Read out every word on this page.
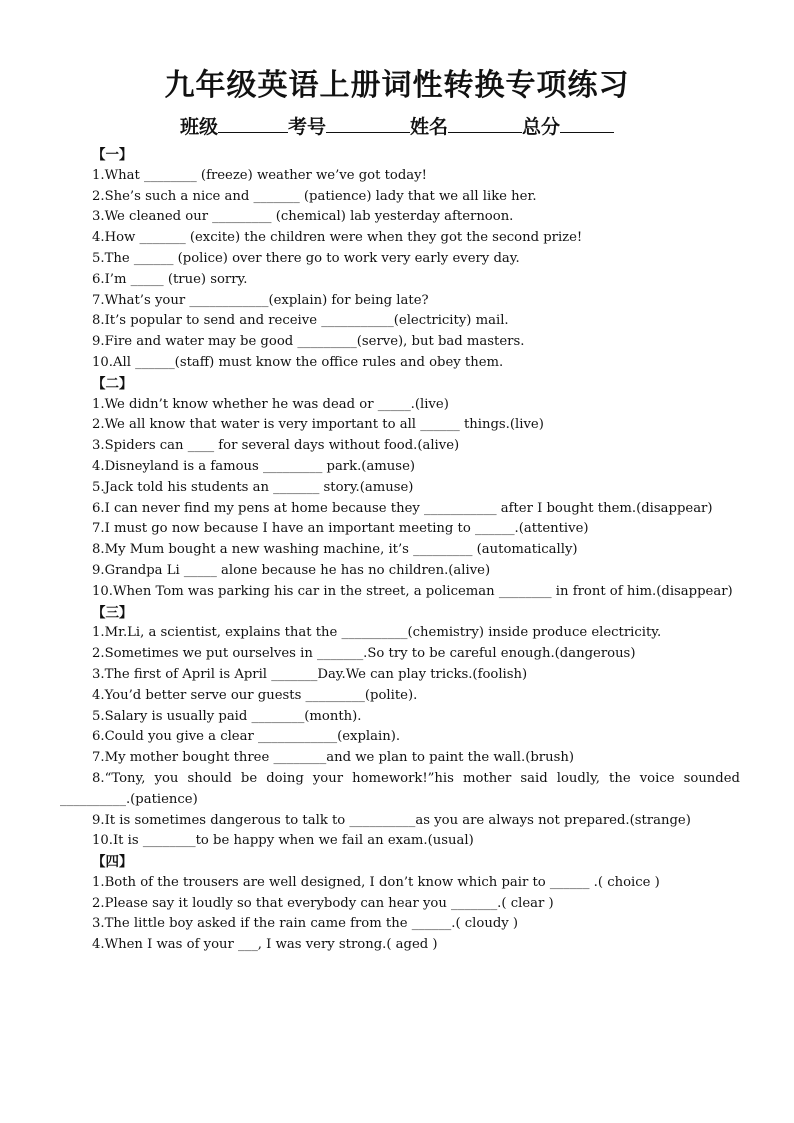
九年级英语上册词性转换专项练习
班级	考号	姓名	总分
【一】
1.What ________ (freeze) weather we’ve got today!
2.She’s such a nice and _______ (patience) lady that we all like her.
3.We cleaned our _________ (chemical) lab yesterday afternoon.
4.How _______ (excite) the children were when they got the second prize!
5.The ______ (police) over there go to work very early every day.
6.I’m _____ (true) sorry.
7.What’s your ____________(explain) for being late?
8.It’s popular to send and receive ___________(electricity) mail.
9.Fire and water may be good _________(serve), but bad masters.
10.All ______(staff) must know the office rules and obey them.
【二】
1.We didn’t know whether he was dead or _____.(live)
2.We all know that water is very important to all ______ things.(live)
3.Spiders can ____ for several days without food.(alive)
4.Disneyland is a famous _________ park.(amuse)
5.Jack told his students an _______ story.(amuse)
6.I can never find my pens at home because they ___________ after I bought them.(disappear)
7.I must go now because I have an important meeting to ______.(attentive)
8.My Mum bought a new washing machine, it’s _________ (automatically)
9.Grandpa Li _____ alone because he has no children.(alive)
10.When Tom was parking his car in the street, a policeman ________ in front of him.(disappear)
【三】
1.Mr.Li, a scientist, explains that the __________(chemistry) inside produce electricity.
2.Sometimes we put ourselves in _______.So try to be careful enough.(dangerous)
3.The first of April is April _______Day.We can play tricks.(foolish)
4.You’d better serve our guests _________(polite).
5.Salary is usually paid ________(month).
6.Could you give a clear ____________(explain).
7.My mother bought three ________and we plan to paint the wall.(brush)
8.“Tony, you should be doing your homework!”his mother said loudly, the voice sounded __________.(patience)
9.It is sometimes dangerous to talk to __________as you are always not prepared.(strange)
10.It is ________to be happy when we fail an exam.(usual)
【四】
1.Both of the trousers are well designed, I don’t know which pair to ______ .( choice )
2.Please say it loudly so that everybody can hear you _______.( clear )
3.The little boy asked if the rain came from the ______.( cloudy )
4.When I was of your ___, I was very strong.( aged )
